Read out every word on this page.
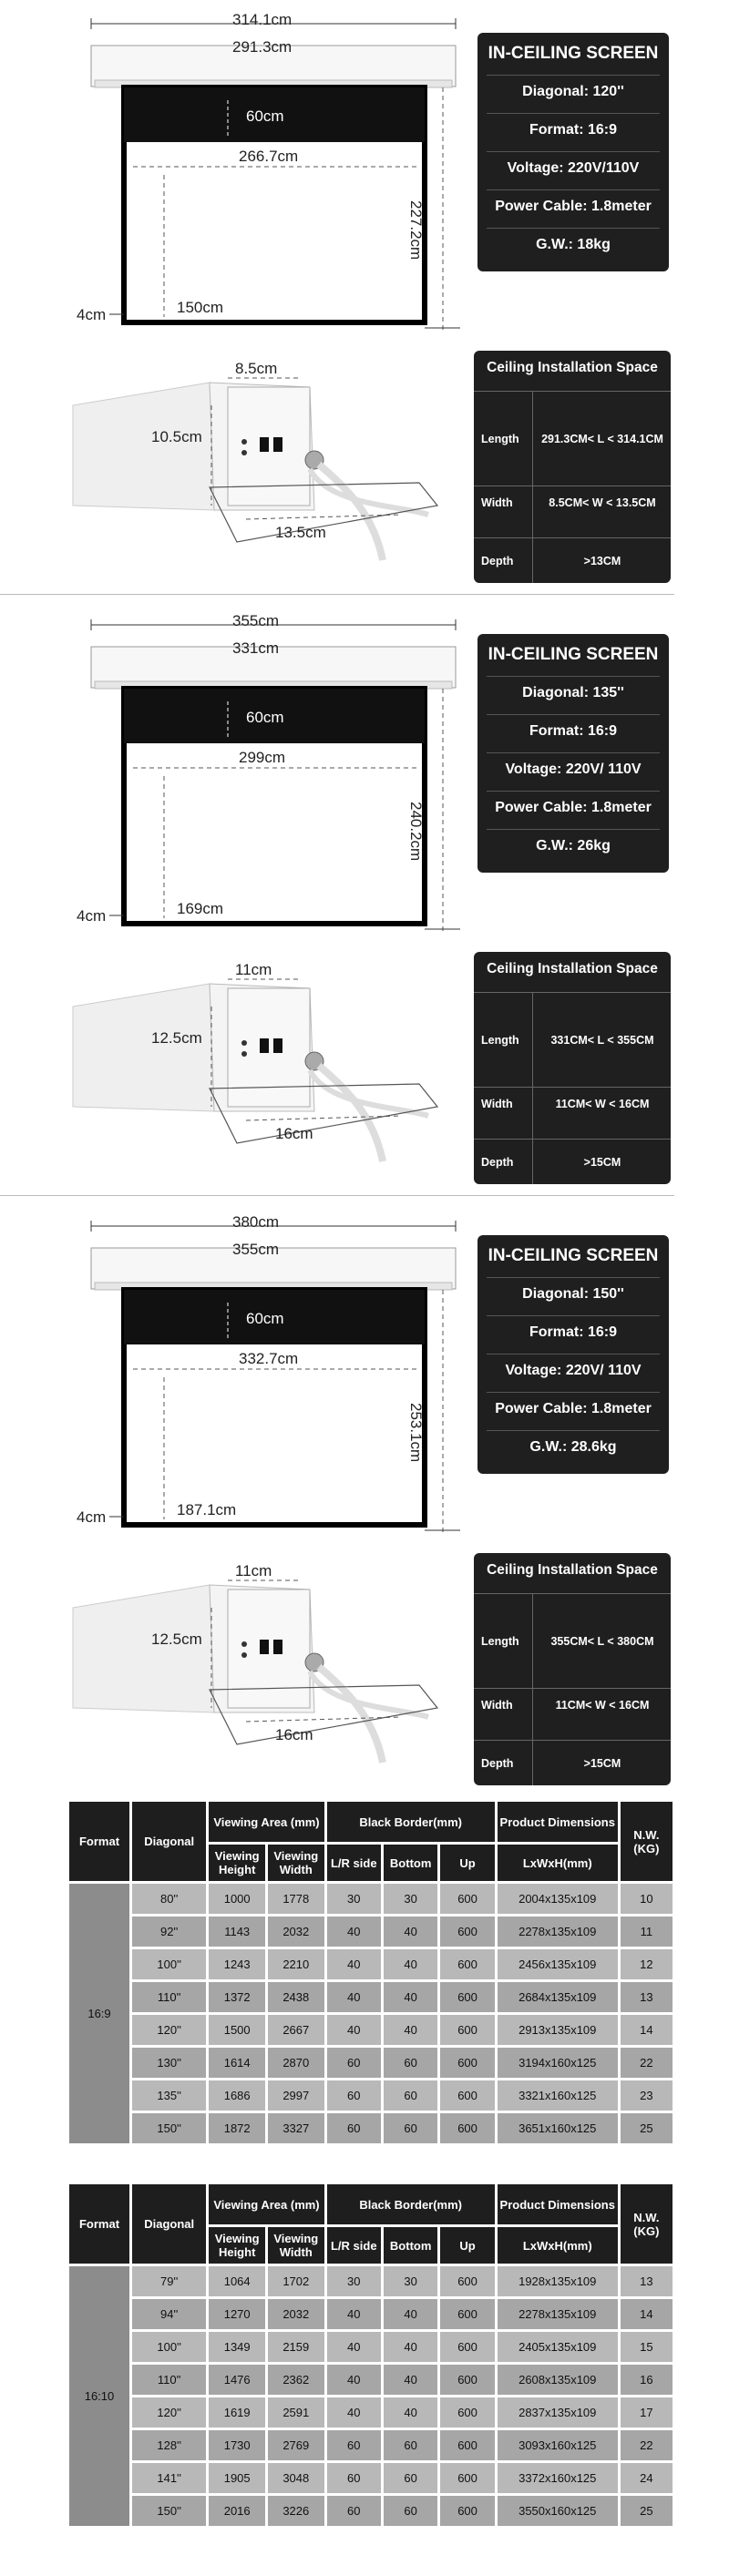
314.1cm
291.3cm
60cm
266.7cm
227.2cm
4cm	150cm
IN-CEILING SCREEN
Diagonal: 120''
Format: 16:9
Voltage: 220V/110V
Power Cable: 1.8meter
G.W.: 18kg
8.5cm
10.5cm
13.5cm
Ceiling Installation Space
Length	291.3CM< L < 314.1CM
Width	8.5CM< W < 13.5CM
Depth	>13CM
355cm
331cm
60cm
299cm
240.2cm
4cm	169cm
IN-CEILING SCREEN
Diagonal: 135''
Format: 16:9
Voltage: 220V/ 110V
Power Cable: 1.8meter
G.W.: 26kg
11cm
12.5cm
16cm
Ceiling Installation Space
Length	331CM< L < 355CM
Width	11CM< W < 16CM
Depth	>15CM
380cm
355cm
60cm
332.7cm
253.1cm
4cm	187.1cm
IN-CEILING SCREEN
Diagonal: 150''
Format: 16:9
Voltage: 220V/ 110V
Power Cable: 1.8meter
G.W.: 28.6kg
11cm
12.5cm
16cm
Ceiling Installation Space
Length	355CM< L < 380CM
Width	11CM< W < 16CM
Depth	>15CM
Format	Diagonal	Viewing Area (mm)		Black Border(mm)			Product Dimensions	N.W. (KG)
		Viewing Height	Viewing Width	L/R side	Bottom	Up	LxWxH(mm)	
16:9	80''	1000	1778	30	30	600	2004x135x109	10
	92''	1143	2032	40	40	600	2278x135x109	11
	100''	1243	2210	40	40	600	2456x135x109	12
	110''	1372	2438	40	40	600	2684x135x109	13
	120''	1500	2667	40	40	600	2913x135x109	14
	130''	1614	2870	60	60	600	3194x160x125	22
	135''	1686	2997	60	60	600	3321x160x125	23
	150''	1872	3327	60	60	600	3651x160x125	25
Format	Diagonal	Viewing Area (mm)		Black Border(mm)			Product Dimensions	N.W. (KG)
		Viewing Height	Viewing Width	L/R side	Bottom	Up	LxWxH(mm)	
16:10	79''	1064	1702	30	30	600	1928x135x109	13
	94''	1270	2032	40	40	600	2278x135x109	14
	100''	1349	2159	40	40	600	2405x135x109	15
	110''	1476	2362	40	40	600	2608x135x109	16
	120''	1619	2591	40	40	600	2837x135x109	17
	128''	1730	2769	60	60	600	3093x160x125	22
	141''	1905	3048	60	60	600	3372x160x125	24
	150''	2016	3226	60	60	600	3550x160x125	25
